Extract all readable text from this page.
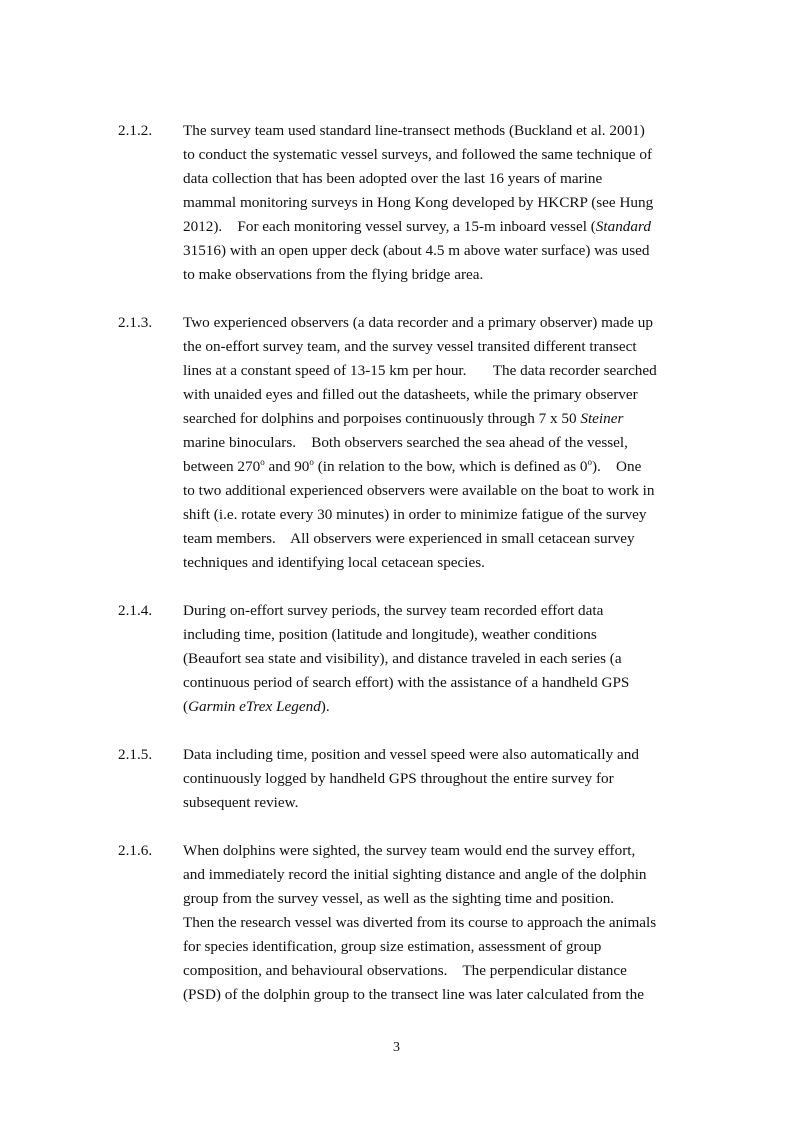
2.1.2. The survey team used standard line-transect methods (Buckland et al. 2001)
to conduct the systematic vessel surveys, and followed the same technique of
data collection that has been adopted over the last 16 years of marine
mammal monitoring surveys in Hong Kong developed by HKCRP (see Hung
2012).    For each monitoring vessel survey, a 15-m inboard vessel (Standard
31516) with an open upper deck (about 4.5 m above water surface) was used
to make observations from the flying bridge area.
2.1.3. Two experienced observers (a data recorder and a primary observer) made up
the on-effort survey team, and the survey vessel transited different transect
lines at a constant speed of 13-15 km per hour.       The data recorder searched
with unaided eyes and filled out the datasheets, while the primary observer
searched for dolphins and porpoises continuously through 7 x 50 Steiner
marine binoculars.    Both observers searched the sea ahead of the vessel,
between 270$^o$ and 90$^o$ (in relation to the bow, which is defined as 0$^o$).    One
to two additional experienced observers were available on the boat to work in
shift (i.e. rotate every 30 minutes) in order to minimize fatigue of the survey
team members.    All observers were experienced in small cetacean survey
techniques and identifying local cetacean species.
2.1.4. During on-effort survey periods, the survey team recorded effort data
including time, position (latitude and longitude), weather conditions
(Beaufort sea state and visibility), and distance traveled in each series (a
continuous period of search effort) with the assistance of a handheld GPS
(Garmin eTrex Legend).
2.1.5. Data including time, position and vessel speed were also automatically and
continuously logged by handheld GPS throughout the entire survey for
subsequent review.
2.1.6. When dolphins were sighted, the survey team would end the survey effort,
and immediately record the initial sighting distance and angle of the dolphin
group from the survey vessel, as well as the sighting time and position.
Then the research vessel was diverted from its course to approach the animals
for species identification, group size estimation, assessment of group
composition, and behavioural observations.    The perpendicular distance
(PSD) of the dolphin group to the transect line was later calculated from the
3
